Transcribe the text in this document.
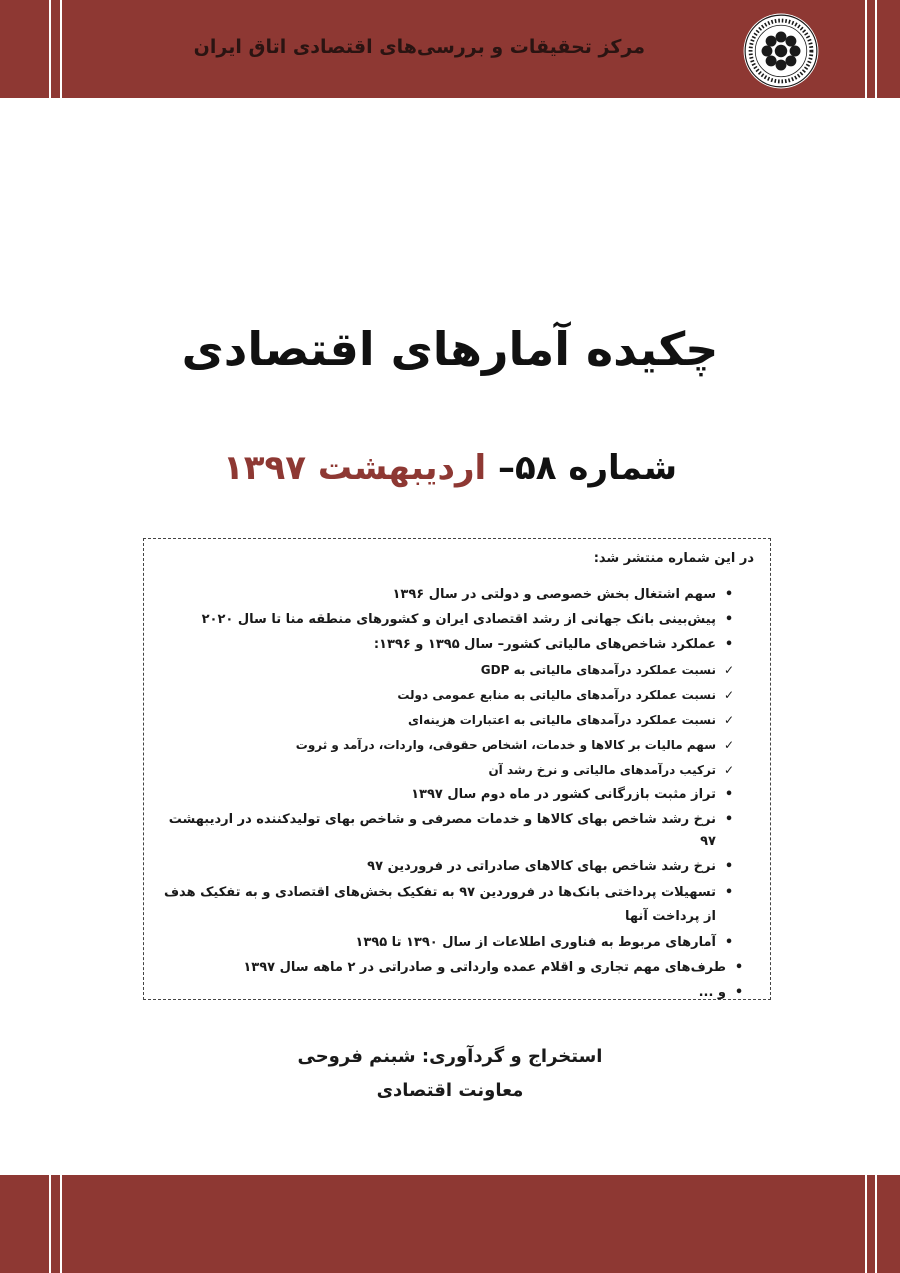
مرکز تحقیقات و بررسی‌های اقتصادی اتاق ایران
چکیده آمارهای اقتصادی
شماره ۵۸– اردیبهشت ۱۳۹۷
در این شماره منتشر شد:
•
سهم اشتغال بخش خصوصی و دولتی در سال ۱۳۹۶
•
پیش‌بینی بانک جهانی از رشد اقتصادی ایران و کشورهای منطقه منا تا سال ۲۰۲۰
•
عملکرد شاخص‌های مالیاتی کشور– سال ۱۳۹۵ و ۱۳۹۶:
✓
نسبت عملکرد درآمدهای مالیاتی به GDP
✓
نسبت عملکرد درآمدهای مالیاتی به منابع عمومی دولت
✓
نسبت عملکرد درآمدهای مالیاتی به اعتبارات هزینه‌ای
✓
سهم مالیات بر کالاها و خدمات، اشخاص حقوقی، واردات، درآمد و ثروت
✓
ترکیب درآمدهای مالیاتی و نرخ رشد آن
•
تراز مثبت بازرگانی کشور در ماه دوم سال ۱۳۹۷
•
نرخ رشد شاخص بهای کالاها و خدمات مصرفی و شاخص بهای تولیدکننده در اردیبهشت ۹۷
•
نرخ رشد شاخص بهای کالاهای صادراتی در فروردین ۹۷
•
تسهیلات پرداختی بانک‌ها در فروردین ۹۷ به تفکیک بخش‌های اقتصادی و به تفکیک هدف از پرداخت آنها
•
آمارهای مربوط به فناوری اطلاعات از سال ۱۳۹۰ تا ۱۳۹۵
•
طرف‌های مهم تجاری و اقلام عمده وارداتی و صادراتی در ۲ ماهه سال ۱۳۹۷
•
و ...
استخراج و گردآوری: شبنم فروحی
معاونت اقتصادی
